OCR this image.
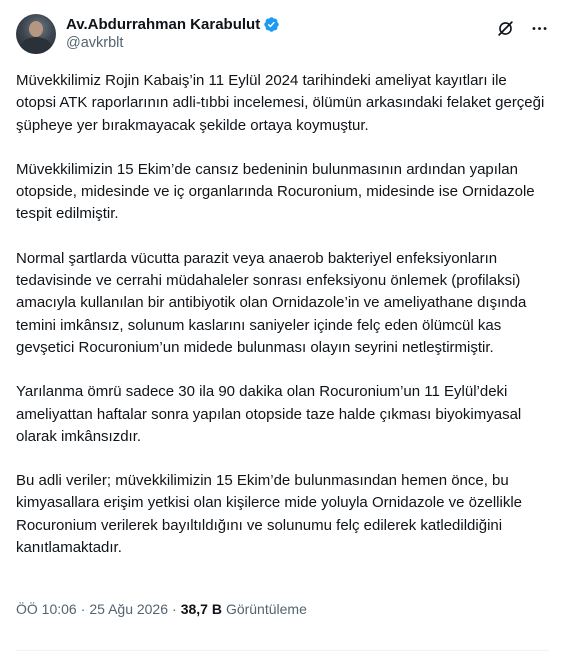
Av.Abdurrahman Karabulut
@avkrblt

Müvekkilimiz Rojin Kabaiş’in 11 Eylül 2024 tarihindeki ameliyat kayıtları ile otopsi ATK raporlarının adli-tıbbi incelemesi, ölümün arkasındaki felaket gerçeği şüpheye yer bırakmayacak şekilde ortaya koymuştur.

Müvekkilimizin 15 Ekim’de cansız bedeninin bulunmasının ardından yapılan otopside, midesinde ve iç organlarında Rocuronium, midesinde ise Ornidazole tespit edilmiştir.

Normal şartlarda vücutta parazit veya anaerob bakteriyel enfeksiyonların tedavisinde ve cerrahi müdahaleler sonrası enfeksiyonu önlemek (profilaksi) amacıyla kullanılan bir antibiyotik olan Ornidazole’in ve ameliyathane dışında temini imkânsız, solunum kaslarını saniyeler içinde felç eden ölümcül kas gevşetici Rocuronium’un midede bulunması olayın seyrini netleştirmiştir.

Yarılanma ömrü sadece 30 ila 90 dakika olan Rocuronium’un 11 Eylül’deki ameliyattan haftalar sonra yapılan otopside taze halde çıkması biyokimyasal olarak imkânsızdır.

Bu adli veriler; müvekkilimizin 15 Ekim’de bulunmasından hemen önce, bu kimyasallara erişim yetkisi olan kişilerce mide yoluyla Ornidazole ve özellikle Rocuronium verilerek bayıltıldığını ve solunumu felç edilerek katledildiğini kanıtlamaktadır.

ÖÖ 10:06 · 25 Ağu 2026 · 38,7 B Görüntüleme
